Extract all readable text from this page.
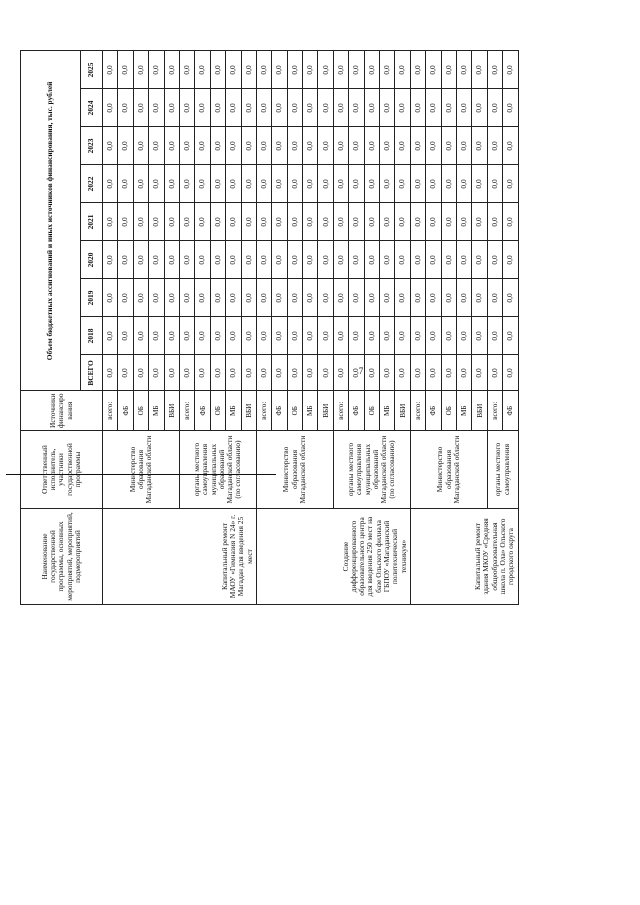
Наименование государственной программы, основных мероприятий, мероприятий, подмероприятий	Ответственный исполнитель, участники государственной программы	Источники финансиро вания	Объем бюджетных ассигнований и иных источников финансирования, тыс. рублей								
			ВСЕГО	2018	2019	2020	2021	2022	2023	2024	2025
Капитальный ремонт МАОУ «Гимназия N 24» г. Магадан для введения 25 мест	Министерство образования Магаданской области	всего:	0,0	0,0	0,0	0,0	0,0	0,0	0,0	0,0	0,0
		ФБ	0,0	0,0	0,0	0,0	0,0	0,0	0,0	0,0	0,0
		ОБ	0,0	0,0	0,0	0,0	0,0	0,0	0,0	0,0	0,0
		МБ	0,0	0,0	0,0	0,0	0,0	0,0	0,0	0,0	0,0
		ВБИ	0,0	0,0	0,0	0,0	0,0	0,0	0,0	0,0	0,0
	органы местного самоуправления муниципальных образований Магаданской области (по согласованию)	всего:	0,0	0,0	0,0	0,0	0,0	0,0	0,0	0,0	0,0
		ФБ	0,0	0,0	0,0	0,0	0,0	0,0	0,0	0,0	0,0
		ОБ	0,0	0,0	0,0	0,0	0,0	0,0	0,0	0,0	0,0
		МБ	0,0	0,0	0,0	0,0	0,0	0,0	0,0	0,0	0,0
		ВБИ	0,0	0,0	0,0	0,0	0,0	0,0	0,0	0,0	0,0
Создание дифференцированного образовательного центра для введения 250 мест на базе Ольского филиала ГБПОУ «Магаданский политехнический техникум»	Министерство образования Магаданской области	всего:	0,0	0,0	0,0	0,0	0,0	0,0	0,0	0,0	0,0
		ФБ	0,0	0,0	0,0	0,0	0,0	0,0	0,0	0,0	0,0
		ОБ	0,0	0,0	0,0	0,0	0,0	0,0	0,0	0,0	0,0
		МБ	0,0	0,0	0,0	0,0	0,0	0,0	0,0	0,0	0,0
		ВБИ	0,0	0,0	0,0	0,0	0,0	0,0	0,0	0,0	0,0
	органы местного самоуправления муниципальных образований Магаданской области (по согласованию)	всего:	0,0	0,0	0,0	0,0	0,0	0,0	0,0	0,0	0,0
		ФБ	0,0	0,0	0,0	0,0	0,0	0,0	0,0	0,0	0,0
		ОБ	0,0	0,0	0,0	0,0	0,0	0,0	0,0	0,0	0,0
		МБ	0,0	0,0	0,0	0,0	0,0	0,0	0,0	0,0	0,0
		ВБИ	0,0	0,0	0,0	0,0	0,0	0,0	0,0	0,0	0,0
Капитальный ремонт здания МКОУ «Средняя общеобразовательная школа п. Ола» Ольского городского округа	Министерство образования Магаданской области	всего:	0,0	0,0	0,0	0,0	0,0	0,0	0,0	0,0	0,0
		ФБ	0,0	0,0	0,0	0,0	0,0	0,0	0,0	0,0	0,0
		ОБ	0,0	0,0	0,0	0,0	0,0	0,0	0,0	0,0	0,0
		МБ	0,0	0,0	0,0	0,0	0,0	0,0	0,0	0,0	0,0
		ВБИ	0,0	0,0	0,0	0,0	0,0	0,0	0,0	0,0	0,0
	органы местного самоуправления	всего:	0,0	0,0	0,0	0,0	0,0	0,0	0,0	0,0	0,0
		ФБ	0,0	0,0	0,0	0,0	0,0	0,0	0,0	0,0	0,0
7
